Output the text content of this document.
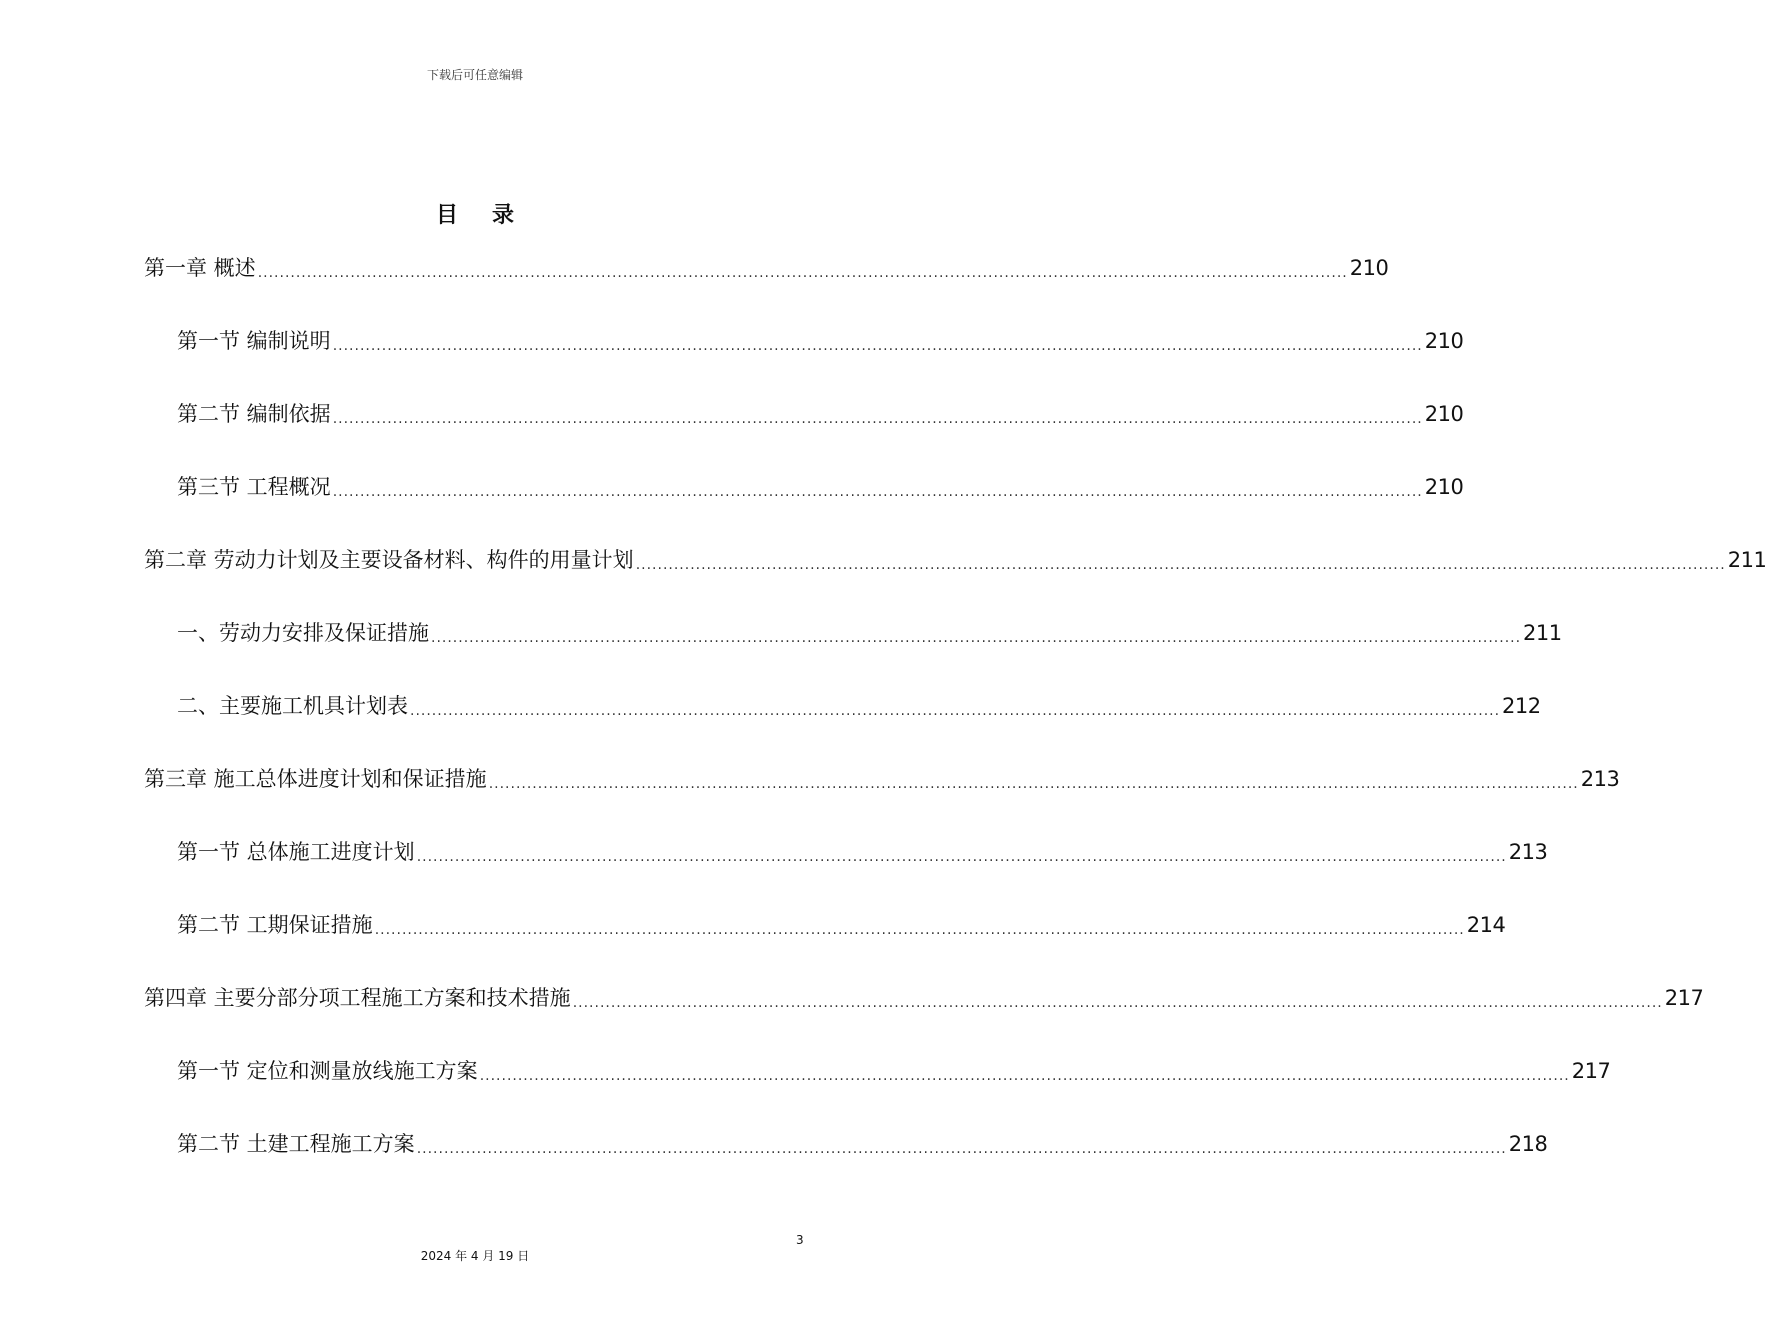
下载后可任意编辑
目录
第一章 概述 ........................................................................................................................................................................................................ 210
第一节 编制说明 ........................................................................................................................................................................................................ 210
第二节 编制依据 ........................................................................................................................................................................................................ 210
第三节 工程概况 ........................................................................................................................................................................................................ 210
第二章 劳动力计划及主要设备材料、构件的用量计划 ........................................................................................................................................................................................................ 211
一、劳动力安排及保证措施 ........................................................................................................................................................................................................ 211
二、主要施工机具计划表 ........................................................................................................................................................................................................ 212
第三章 施工总体进度计划和保证措施 ........................................................................................................................................................................................................ 213
第一节 总体施工进度计划 ........................................................................................................................................................................................................ 213
第二节 工期保证措施 ........................................................................................................................................................................................................ 214
第四章 主要分部分项工程施工方案和技术措施 ........................................................................................................................................................................................................ 217
第一节 定位和测量放线施工方案 ........................................................................................................................................................................................................ 217
第二节 土建工程施工方案 ........................................................................................................................................................................................................ 218
3
2024 年 4 月 19 日
